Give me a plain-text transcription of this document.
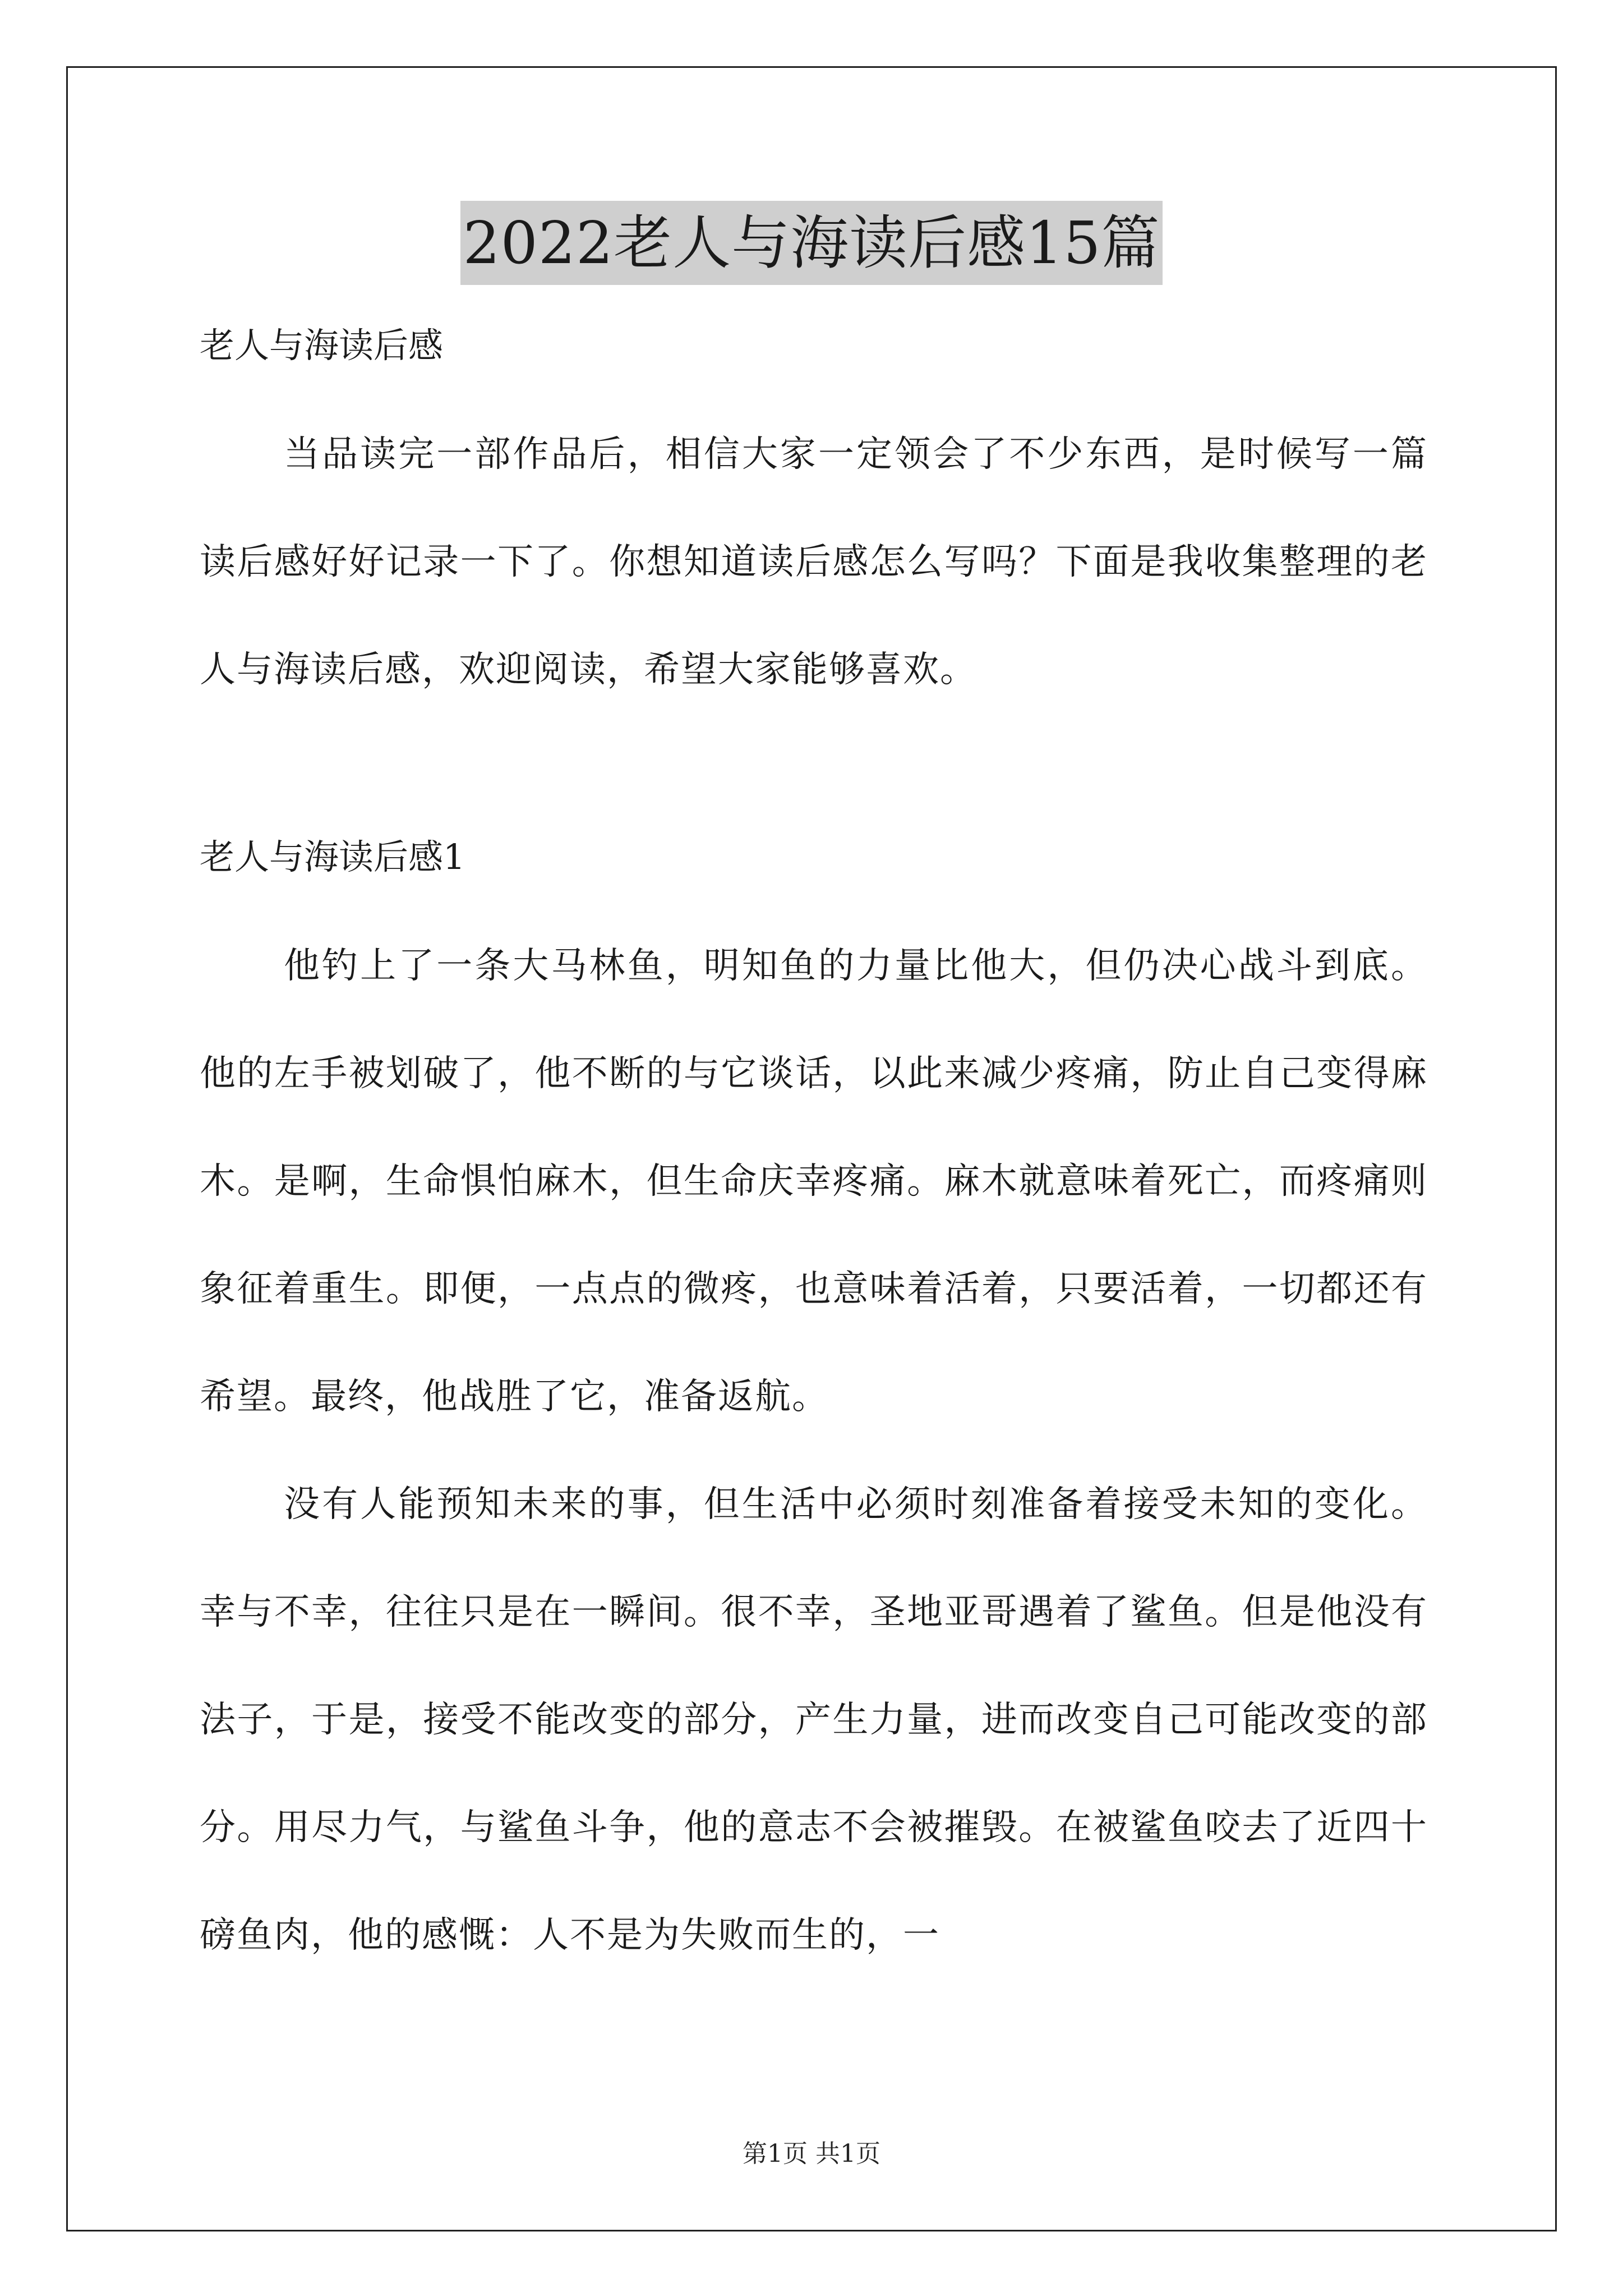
2022老人与海读后感15篇

老人与海读后感

当品读完一部作品后，相信大家一定领会了不少东西，是时候写一篇读后感好好记录一下了。你想知道读后感怎么写吗？下面是我收集整理的老人与海读后感，欢迎阅读，希望大家能够喜欢。

老人与海读后感1

他钓上了一条大马林鱼，明知鱼的力量比他大，但仍决心战斗到底。他的左手被划破了，他不断的与它谈话，以此来减少疼痛，防止自己变得麻木。是啊，生命惧怕麻木，但生命庆幸疼痛。麻木就意味着死亡，而疼痛则象征着重生。即便，一点点的微疼，也意味着活着，只要活着，一切都还有希望。最终，他战胜了它，准备返航。

没有人能预知未来的事，但生活中必须时刻准备着接受未知的变化。幸与不幸，往往只是在一瞬间。很不幸，圣地亚哥遇着了鲨鱼。但是他没有法子，于是，接受不能改变的部分，产生力量，进而改变自己可能改变的部分。用尽力气，与鲨鱼斗争，他的意志不会被摧毁。在被鲨鱼咬去了近四十磅鱼肉，他的感慨：人不是为失败而生的，一

第1页 共1页
